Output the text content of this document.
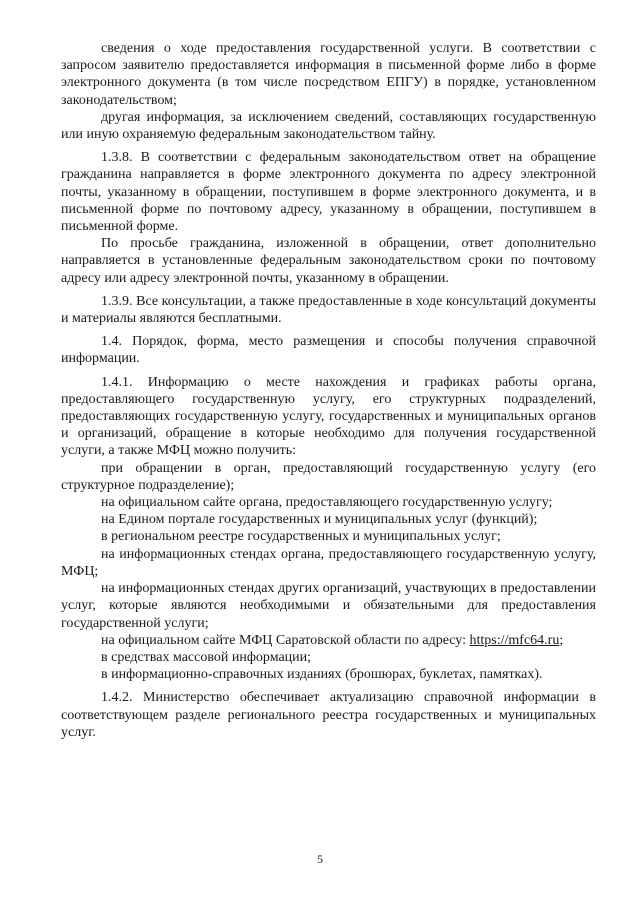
сведения о ходе предоставления государственной услуги. В соответствии с запросом заявителю предоставляется информация в письменной форме либо в форме электронного документа (в том числе посредством ЕПГУ) в порядке, установленном законодательством;

другая информация, за исключением сведений, составляющих государственную или иную охраняемую федеральным законодательством тайну.

1.3.8. В соответствии с федеральным законодательством ответ на обращение гражданина направляется в форме электронного документа по адресу электронной почты, указанному в обращении, поступившем в форме электронного документа, и в письменной форме по почтовому адресу, указанному в обращении, поступившем в письменной форме.

По просьбе гражданина, изложенной в обращении, ответ дополнительно направляется в установленные федеральным законодательством сроки по почтовому адресу или адресу электронной почты, указанному в обращении.

1.3.9. Все консультации, а также предоставленные в ходе консультаций документы и материалы являются бесплатными.

1.4. Порядок, форма, место размещения и способы получения справочной информации.

1.4.1. Информацию о месте нахождения и графиках работы органа, предоставляющего государственную услугу, его структурных подразделений, предоставляющих государственную услугу, государственных и муниципальных органов и организаций, обращение в которые необходимо для получения государственной услуги, а также МФЦ можно получить:

при обращении в орган, предоставляющий государственную услугу (его структурное подразделение);

на официальном сайте органа, предоставляющего государственную услугу;

на Едином портале государственных и муниципальных услуг (функций);

в региональном реестре государственных и муниципальных услуг;

на информационных стендах органа, предоставляющего государственную услугу, МФЦ;

на информационных стендах других организаций, участвующих в предоставлении услуг, которые являются необходимыми и обязательными для предоставления государственной услуги;

на официальном сайте МФЦ Саратовской области по адресу: https://mfc64.ru;

в средствах массовой информации;

в информационно-справочных изданиях (брошюрах, буклетах, памятках).

1.4.2. Министерство обеспечивает актуализацию справочной информации в соответствующем разделе регионального реестра государственных и муниципальных услуг.

5
